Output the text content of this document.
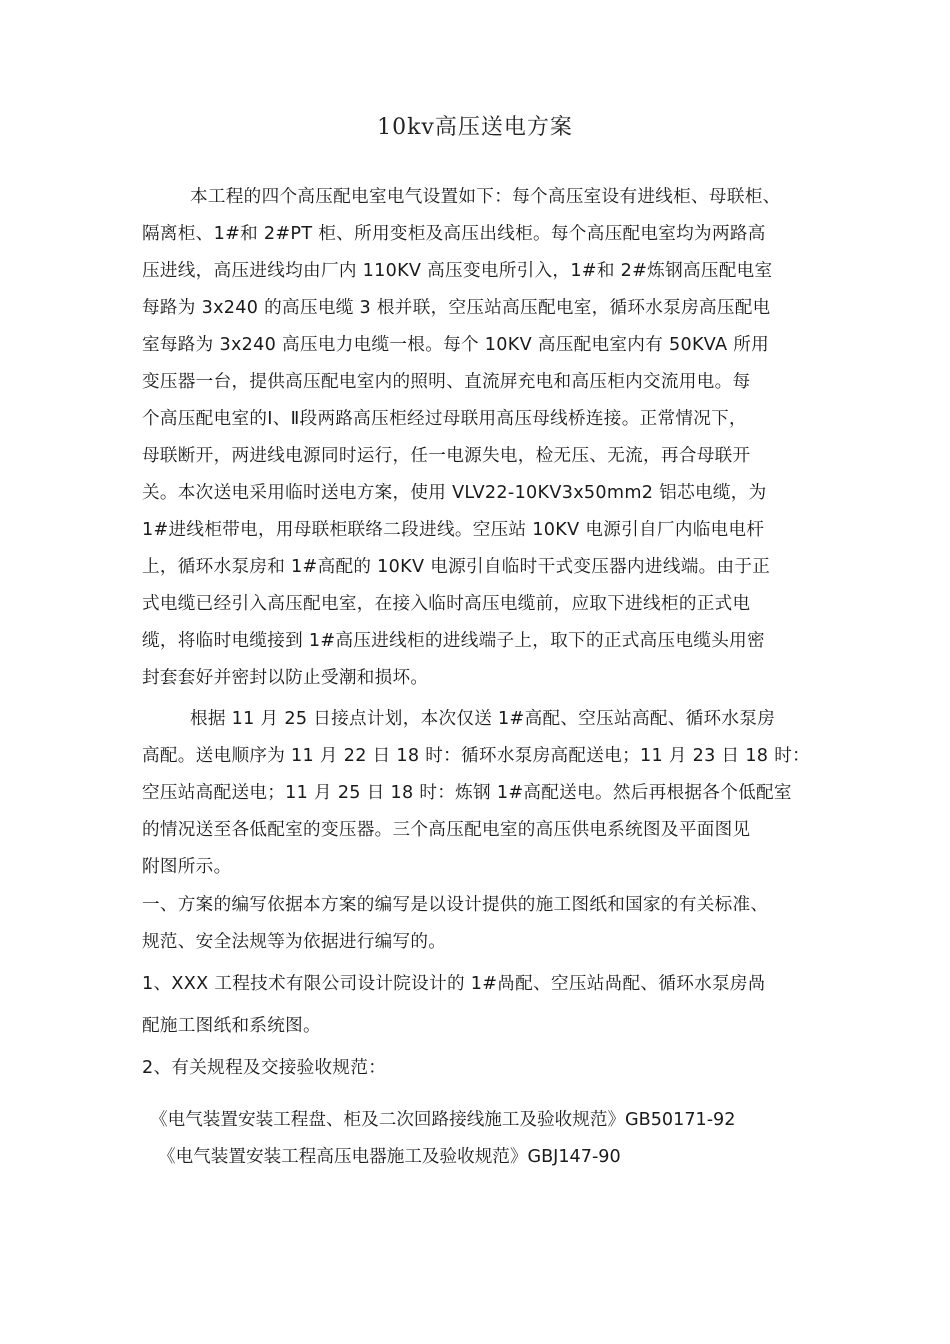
10kv高压送电方案
本工程的四个高压配电室电气设置如下：每个高压室设有进线柜、母联柜、
隔离柜、1#和 2#PT 柜、所用变柜及高压出线柜。每个高压配电室均为两路高
压进线，高压进线均由厂内 110KV 高压变电所引入，1#和 2#炼钢高压配电室
每路为 3x240 的高压电缆 3 根并联，空压站高压配电室，循环水泵房高压配电
室每路为 3x240 高压电力电缆一根。每个 10KV 高压配电室内有 50KVA 所用
变压器一台，提供高压配电室内的照明、直流屏充电和高压柜内交流用电。每
个高压配电室的Ⅰ、Ⅱ段两路高压柜经过母联用高压母线桥连接。正常情况下，
母联断开，两进线电源同时运行，任一电源失电，检无压、无流，再合母联开
关。本次送电采用临时送电方案，使用 VLV22-10KV3x50mm2 铝芯电缆，为
1#进线柜带电，用母联柜联络二段进线。空压站 10KV 电源引自厂内临电电杆
上，循环水泵房和 1#高配的 10KV 电源引自临时干式变压器内进线端。由于正
式电缆已经引入高压配电室，在接入临时高压电缆前，应取下进线柜的正式电
缆，将临时电缆接到 1#高压进线柜的进线端子上，取下的正式高压电缆头用密
封套套好并密封以防止受潮和损坏。
根据 11 月 25 日接点计划，本次仅送 1#高配、空压站高配、循环水泵房
高配。送电顺序为 11 月 22 日 18 时：循环水泵房高配送电；11 月 23 日 18 时：
空压站高配送电；11 月 25 日 18 时：炼钢 1#高配送电。然后再根据各个低配室
的情况送至各低配室的变压器。三个高压配电室的高压供电系统图及平面图见
附图所示。
一、方案的编写依据本方案的编写是以设计提供的施工图纸和国家的有关标准、
规范、安全法规等为依据进行编写的。
1、XXX 工程技术有限公司设计院设计的 1#咼配、空压站咼配、循环水泵房咼
配施工图纸和系统图。
2、有关规程及交接验收规范：
《电气装置安装工程盘、柜及二次回路接线施工及验收规范》GB50171-92
《电气装置安装工程高压电器施工及验收规范》GBJ147-90
